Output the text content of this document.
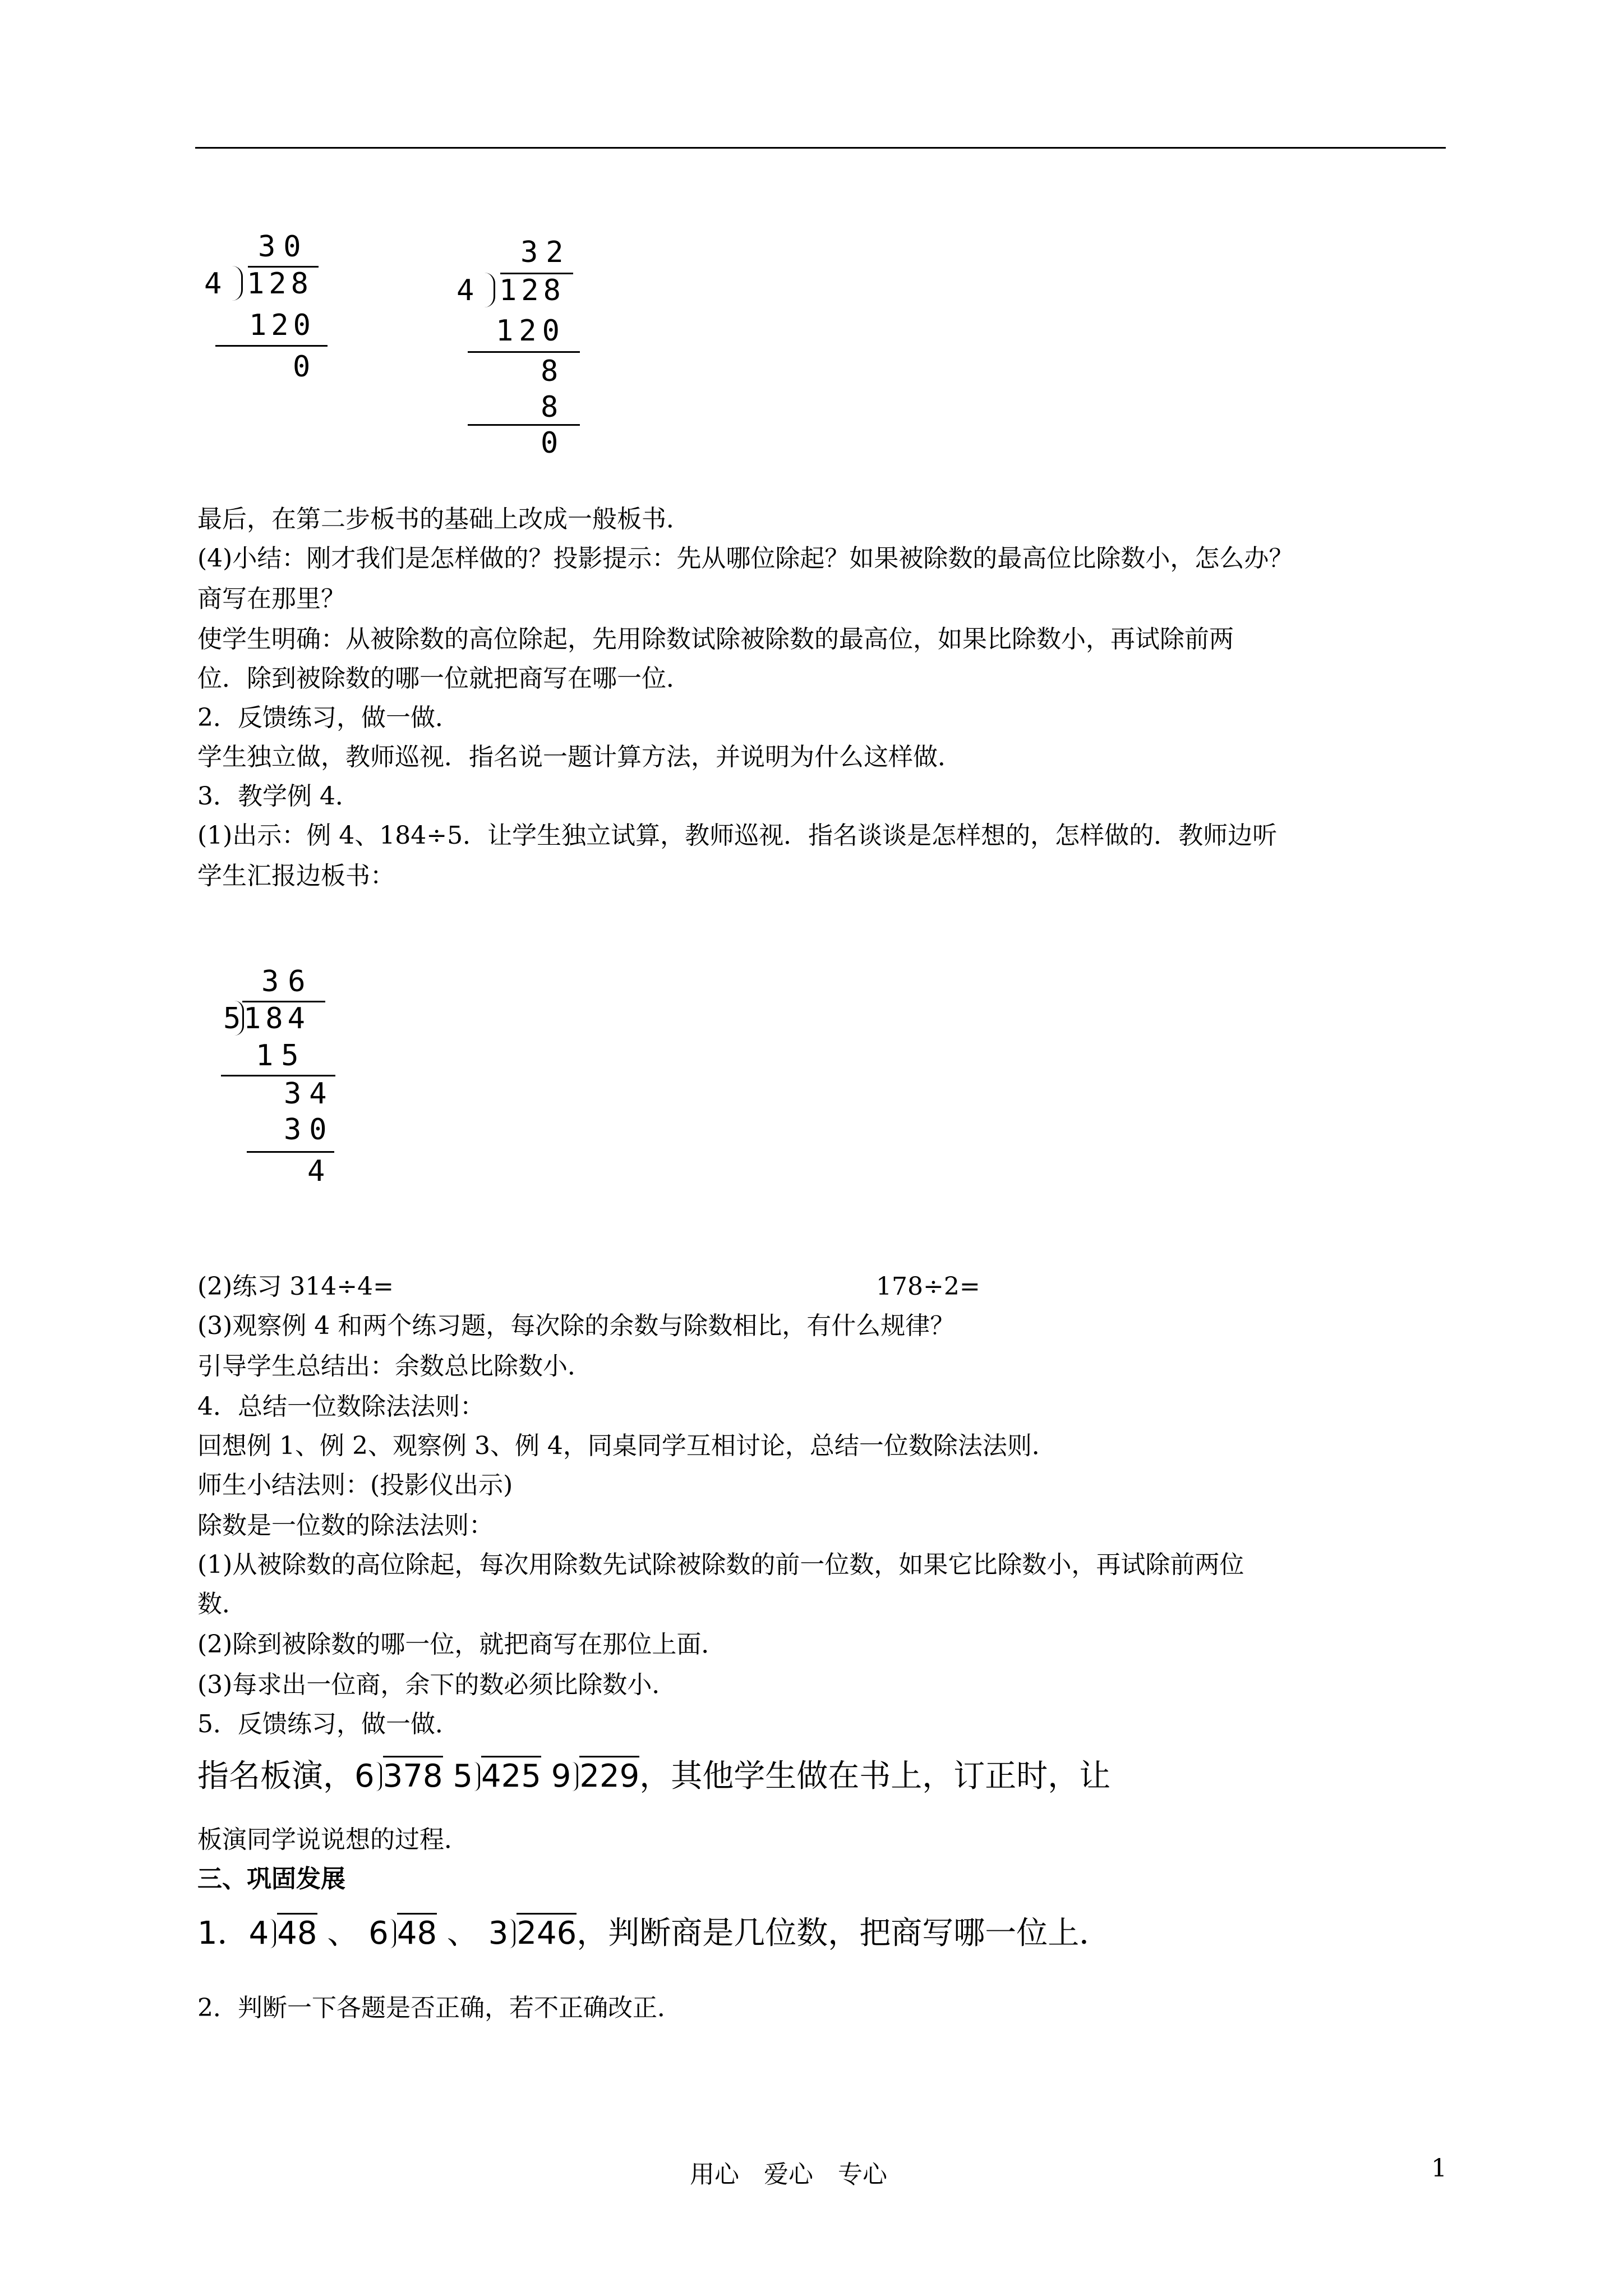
30
4 128
120
0
32
4 128
120
8
8
0
最后，在第二步板书的基础上改成一般板书．
(4)小结：刚才我们是怎样做的？投影提示：先从哪位除起？如果被除数的最高位比除数小，怎么办？
商写在那里？
使学生明确：从被除数的高位除起，先用除数试除被除数的最高位，如果比除数小，再试除前两
位．除到被除数的哪一位就把商写在哪一位．
2．反馈练习，做一做．
学生独立做，教师巡视．指名说一题计算方法，并说明为什么这样做．
3．教学例 4．
(1)出示：例 4、184÷5．让学生独立试算，教师巡视．指名谈谈是怎样想的，怎样做的．教师边听
学生汇报边板书：
36
5 184
15
34
30
4
(2)练习 314÷4=	178÷2=
(3)观察例 4 和两个练习题，每次除的余数与除数相比，有什么规律？
引导学生总结出：余数总比除数小．
4．总结一位数除法法则：
回想例 1、例 2、观察例 3、例 4，同桌同学互相讨论，总结一位数除法法则．
师生小结法则：(投影仪出示)
除数是一位数的除法法则：
(1)从被除数的高位除起，每次用除数先试除被除数的前一位数，如果它比除数小，再试除前两位
数．
(2)除到被除数的哪一位，就把商写在那位上面．
(3)每求出一位商，余下的数必须比除数小．
5．反馈练习，做一做．
指名板演，6 378 5 425 9 229，其他学生做在书上，订正时，让
板演同学说说想的过程．
三、巩固发展
1．4 48 、 6 48 、 3 246，判断商是几位数，把商写哪一位上．
2．判断一下各题是否正确，若不正确改正．
用心　爱心　专心	1
